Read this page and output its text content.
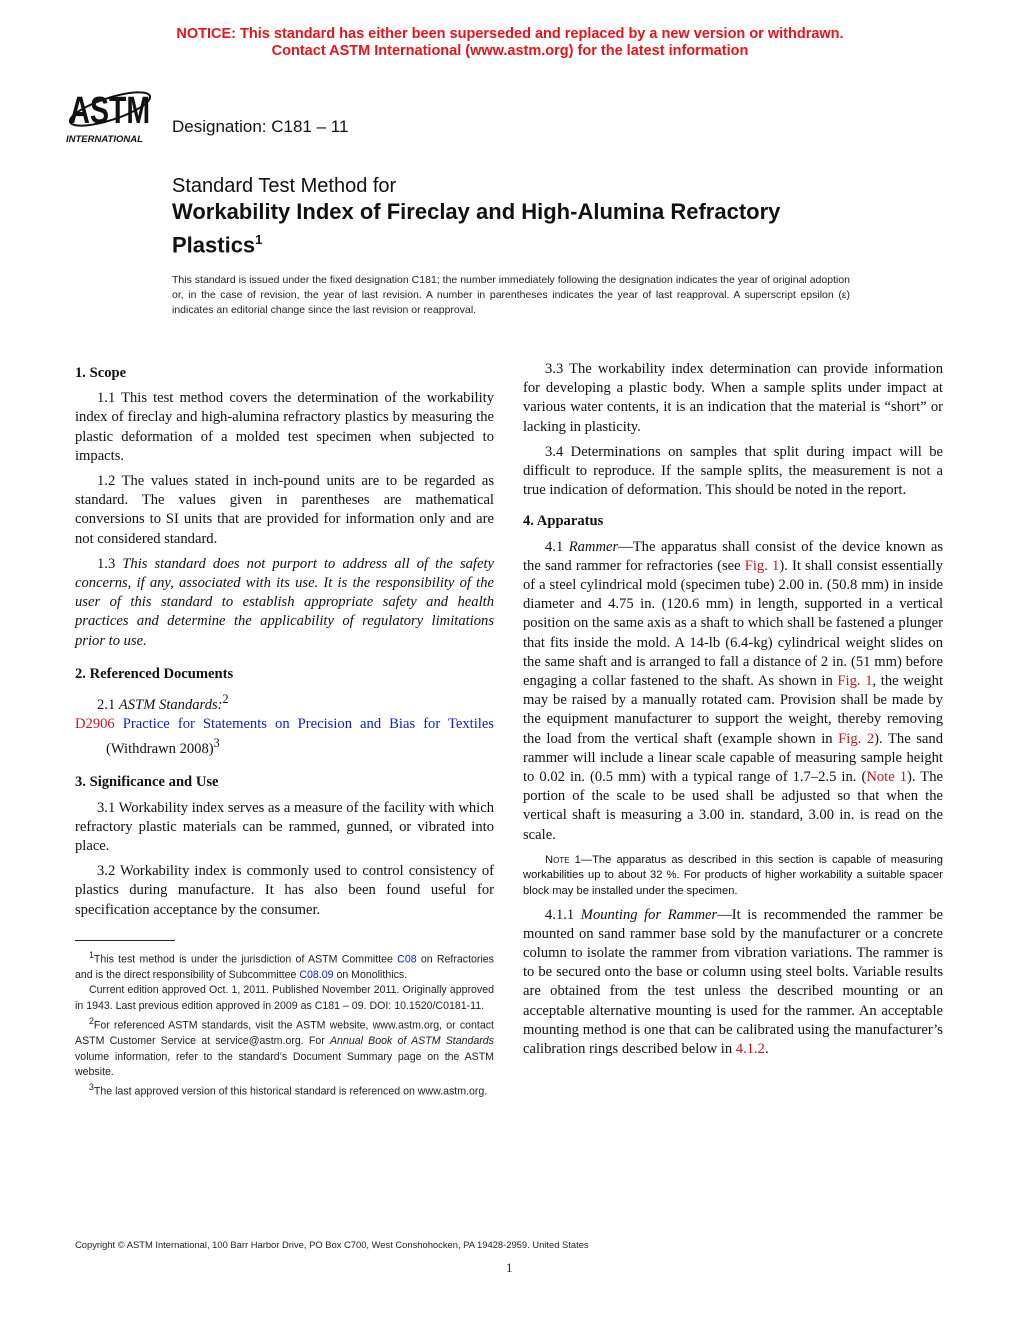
NOTICE: This standard has either been superseded and replaced by a new version or withdrawn.
Contact ASTM International (www.astm.org) for the latest information
ASTM
INTERNATIONAL
Designation: C181 – 11
Standard Test Method for
Workability Index of Fireclay and High-Alumina Refractory Plastics$^1$
This standard is issued under the fixed designation C181; the number immediately following the designation indicates the year of original adoption or, in the case of revision, the year of last revision. A number in parentheses indicates the year of last reapproval. A superscript epsilon (ε) indicates an editorial change since the last revision or reapproval.
1. Scope

1.1 This test method covers the determination of the workability index of fireclay and high-alumina refractory plastics by measuring the plastic deformation of a molded test specimen when subjected to impacts.

1.2 The values stated in inch-pound units are to be regarded as standard. The values given in parentheses are mathematical conversions to SI units that are provided for information only and are not considered standard.

1.3 This standard does not purport to address all of the safety concerns, if any, associated with its use. It is the responsibility of the user of this standard to establish appropriate safety and health practices and determine the applicability of regulatory limitations prior to use.

2. Referenced Documents

2.1 ASTM Standards:$^2$

D2906 Practice for Statements on Precision and Bias for Textiles (Withdrawn 2008)$^3$
3. Significance and Use

3.1 Workability index serves as a measure of the facility with which refractory plastic materials can be rammed, gunned, or vibrated into place.

3.2 Workability index is commonly used to control consistency of plastics during manufacture. It has also been found useful for specification acceptance by the consumer.

$^1$This test method is under the jurisdiction of ASTM Committee C08 on Refractories and is the direct responsibility of Subcommittee C08.09 on Monolithics.

Current edition approved Oct. 1, 2011. Published November 2011. Originally approved in 1943. Last previous edition approved in 2009 as C181 – 09. DOI: 10.1520/C0181-11.

$^2$For referenced ASTM standards, visit the ASTM website, www.astm.org, or contact ASTM Customer Service at service@astm.org. For Annual Book of ASTM Standards volume information, refer to the standard’s Document Summary page on the ASTM website.

$^3$The last approved version of this historical standard is referenced on www.astm.org.

3.3 The workability index determination can provide information for developing a plastic body. When a sample splits under impact at various water contents, it is an indication that the material is “short” or lacking in plasticity.

3.4 Determinations on samples that split during impact will be difficult to reproduce. If the sample splits, the measurement is not a true indication of deformation. This should be noted in the report.

4. Apparatus

4.1 Rammer—The apparatus shall consist of the device known as the sand rammer for refractories (see Fig. 1). It shall consist essentially of a steel cylindrical mold (specimen tube) 2.00 in. (50.8 mm) in inside diameter and 4.75 in. (120.6 mm) in length, supported in a vertical position on the same axis as a shaft to which shall be fastened a plunger that fits inside the mold. A 14-lb (6.4-kg) cylindrical weight slides on the same shaft and is arranged to fall a distance of 2 in. (51 mm) before engaging a collar fastened to the shaft. As shown in Fig. 1, the weight may be raised by a manually rotated cam. Provision shall be made by the equipment manufacturer to support the weight, thereby removing the load from the vertical shaft (example shown in Fig. 2). The sand rammer will include a linear scale capable of measuring sample height to 0.02 in. (0.5 mm) with a typical range of 1.7–2.5 in. (Note 1). The portion of the scale to be used shall be adjusted so that when the vertical shaft is measuring a 3.00 in. standard, 3.00 in. is read on the scale.

Note 1—The apparatus as described in this section is capable of measuring workabilities up to about 32 %. For products of higher workability a suitable spacer block may be installed under the specimen.

4.1.1 Mounting for Rammer—It is recommended the rammer be mounted on sand rammer base sold by the manufacturer or a concrete column to isolate the rammer from vibration variations. The rammer is to be secured onto the base or column using steel bolts. Variable results are obtained from the test unless the described mounting or an acceptable alternative mounting is used for the rammer. An acceptable mounting method is one that can be calibrated using the manufacturer’s calibration rings described below in 4.1.2.

Copyright © ASTM International, 100 Barr Harbor Drive, PO Box C700, West Conshohocken, PA 19428-2959. United States
1
